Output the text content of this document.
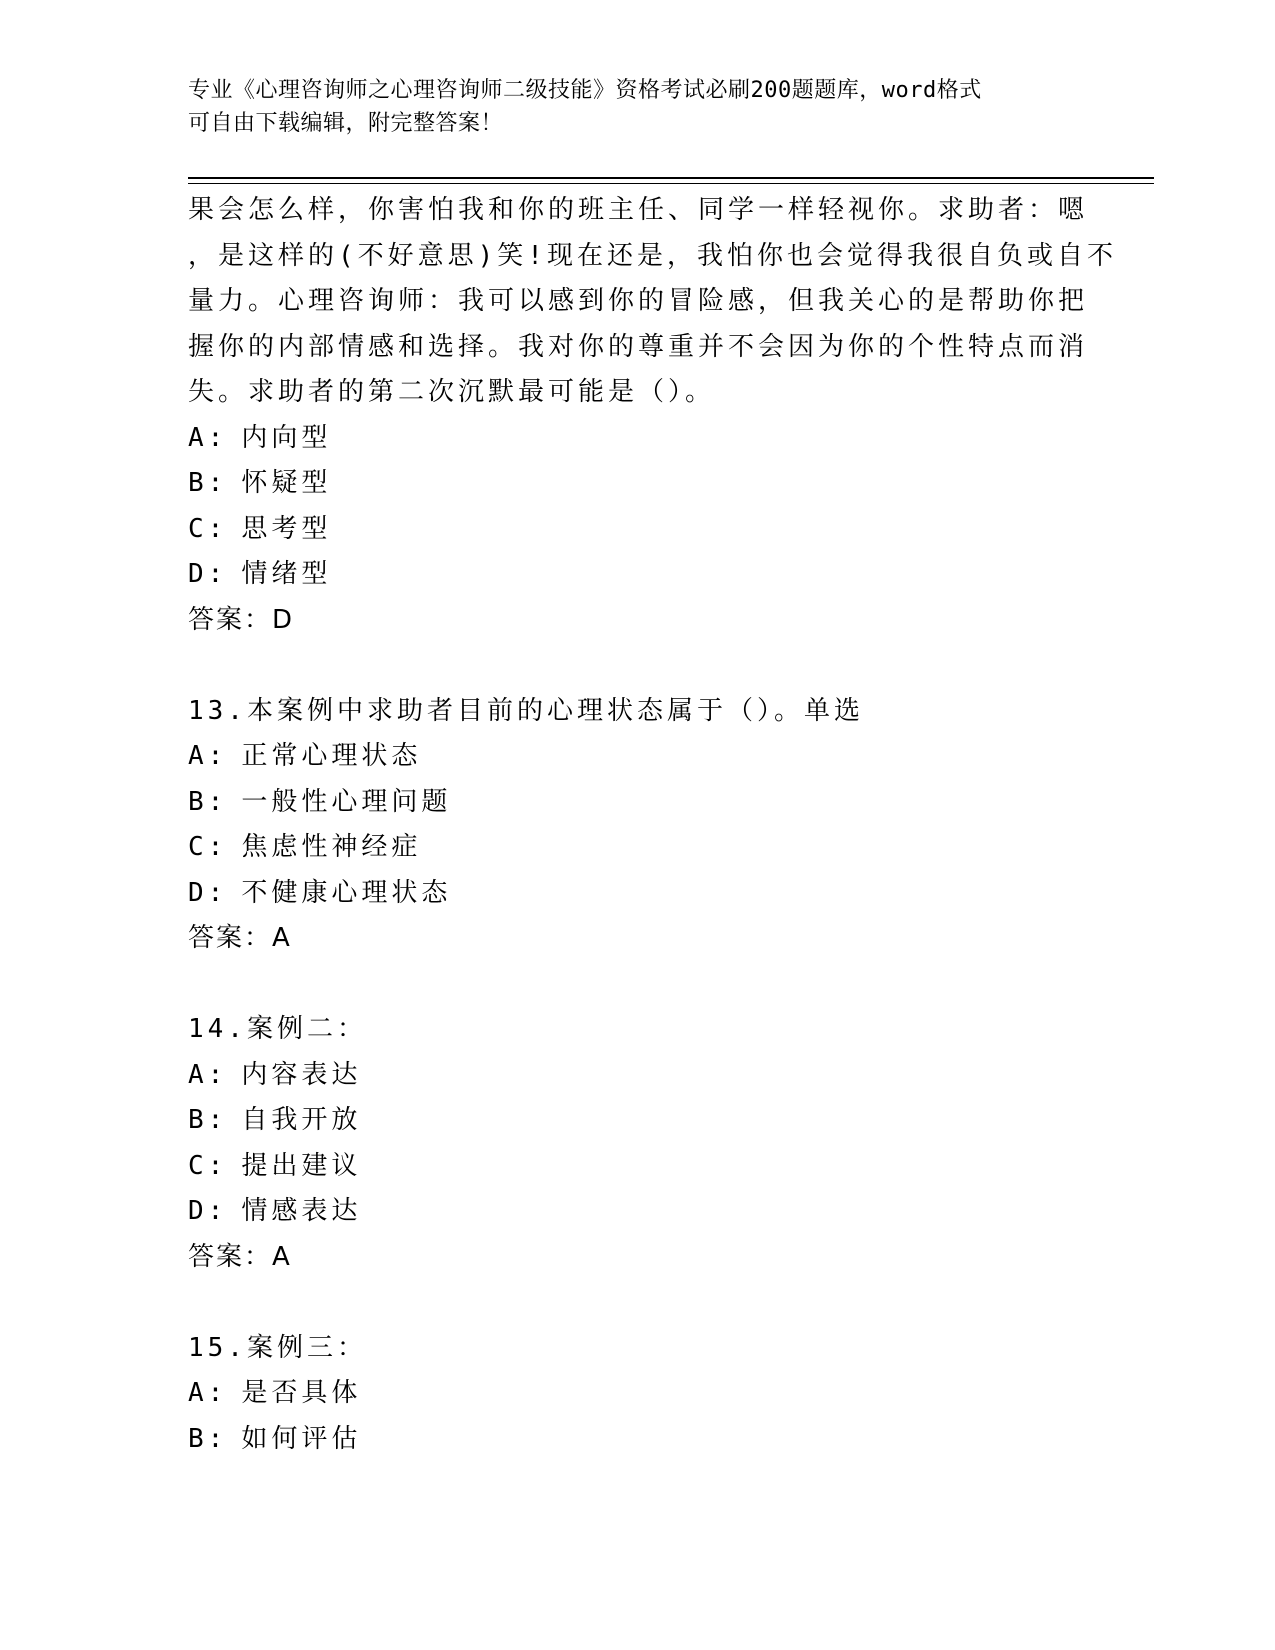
专业《心理咨询师之心理咨询师二级技能》资格考试必刷200题题库，word格式
可自由下载编辑，附完整答案！

果会怎么样，你害怕我和你的班主任、同学一样轻视你。求助者：嗯

，是这样的(不好意思)笑!现在还是，我怕你也会觉得我很自负或自不

量力。心理咨询师：我可以感到你的冒险感，但我关心的是帮助你把

握你的内部情感和选择。我对你的尊重并不会因为你的个性特点而消

失。求助者的第二次沉默最可能是（）。

A: 内向型

B: 怀疑型

C: 思考型

D: 情绪型

答案：D

13.本案例中求助者目前的心理状态属于（）。单选

A: 正常心理状态

B: 一般性心理问题

C: 焦虑性神经症

D: 不健康心理状态

答案：A

14.案例二：

A: 内容表达

B: 自我开放

C: 提出建议

D: 情感表达

答案：A

15.案例三：

A: 是否具体

B: 如何评估
